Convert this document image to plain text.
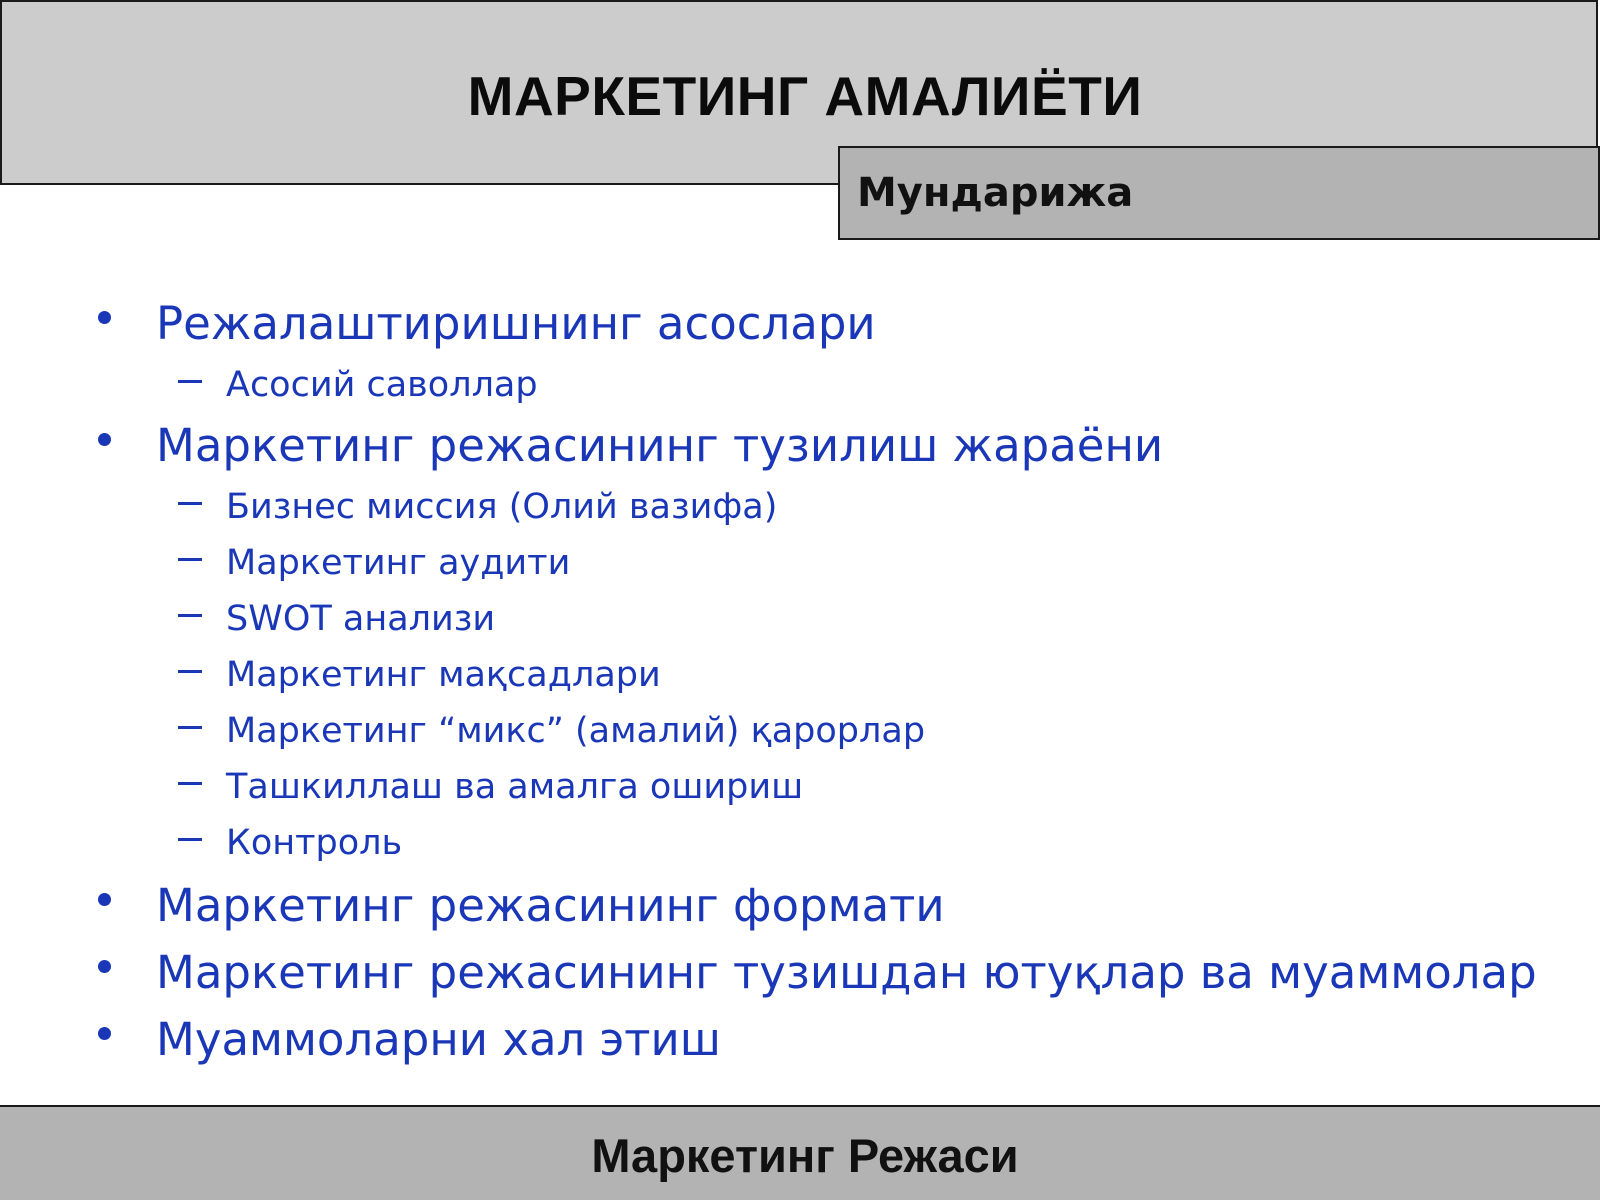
МАРКЕТИНГ АМАЛИЁТИ
Мундарижа
Режалаштиришнинг асослари
Асосий саволлар
Маркетинг режасининг тузилиш жараёни
Бизнес миссия (Олий вазифа)
Маркетинг аудити
SWOT анализи
Маркетинг мақсадлари
Маркетинг “микс” (амалий) қарорлар
Ташкиллаш ва амалга ошириш
Контроль
Маркетинг режасининг формати
Маркетинг режасининг тузишдан ютуқлар ва муаммолар
Муаммоларни хал этиш
Маркетинг Режаси
